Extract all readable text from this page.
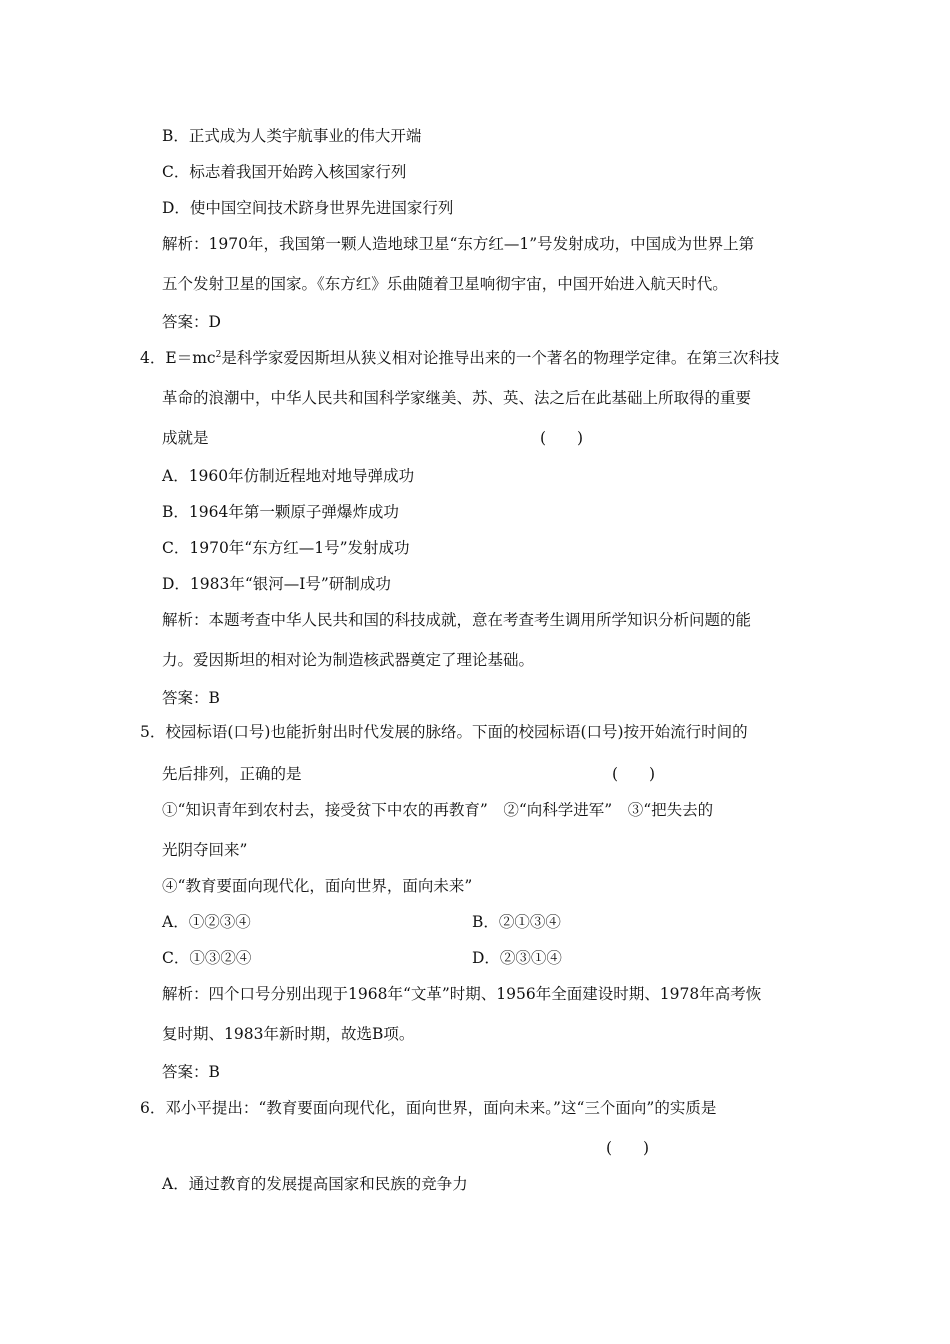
B．正式成为人类宇航事业的伟大开端
C．标志着我国开始跨入核国家行列
D．使中国空间技术跻身世界先进国家行列
解析：1970年，我国第一颗人造地球卫星“东方红—1”号发射成功，中国成为世界上第
五个发射卫星的国家。《东方红》乐曲随着卫星响彻宇宙，中国开始进入航天时代。
答案：D
4．$E=mc^2$是科学家爱因斯坦从狭义相对论推导出来的一个著名的物理学定律。在第三次科技
革命的浪潮中，中华人民共和国科学家继美、苏、英、法之后在此基础上所取得的重要
成就是	(　　)
A．1960年仿制近程地对地导弹成功
B．1964年第一颗原子弹爆炸成功
C．1970年“东方红—1号”发射成功
D．1983年“银河—Ⅰ号”研制成功
解析：本题考查中华人民共和国的科技成就，意在考查考生调用所学知识分析问题的能
力。爱因斯坦的相对论为制造核武器奠定了理论基础。
答案：B
5．校园标语(口号)也能折射出时代发展的脉络。下面的校园标语(口号)按开始流行时间的
先后排列，正确的是	(　　)
①“知识青年到农村去，接受贫下中农的再教育”　②“向科学进军”　③“把失去的
光阴夺回来”
④“教育要面向现代化，面向世界，面向未来”
A．①②③④	B．②①③④
C．①③②④	D．②③①④
解析：四个口号分别出现于1968年“文革”时期、1956年全面建设时期、1978年高考恢
复时期、1983年新时期，故选B项。
答案：B
6．邓小平提出：“教育要面向现代化，面向世界，面向未来。”这“三个面向”的实质是
(　　)
A．通过教育的发展提高国家和民族的竞争力
